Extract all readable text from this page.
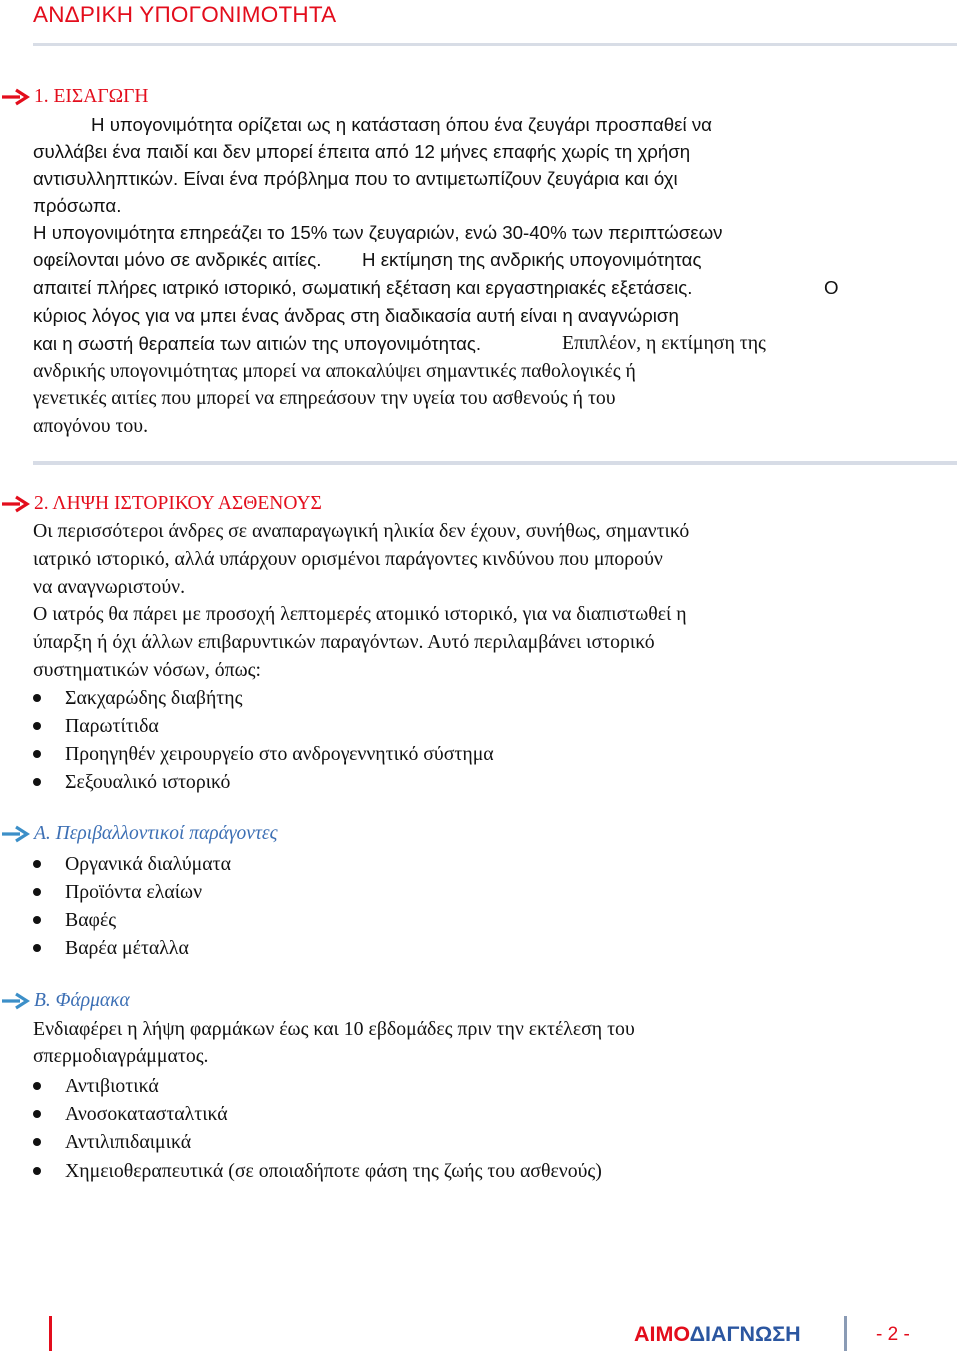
ΑΝΔΡΙΚΗ ΥΠΟΓΟΝΙΜΟΤΗΤΑ
1. ΕΙΣΑΓΩΓΗ

Η υπογονιμότητα ορίζεται ως η κατάσταση όπου ένα ζευγάρι προσπαθεί να

συλλάβει ένα παιδί και δεν μπορεί έπειτα από 12 μήνες επαφής χωρίς τη χρήση

αντισυλληπτικών. Είναι ένα πρόβλημα που το αντιμετωπίζουν ζευγάρια και όχι

πρόσωπα.

Η υπογονιμότητα επηρεάζει το 15% των ζευγαριών, ενώ 30-40% των περιπτώσεων

οφείλονται μόνο σε ανδρικές αιτίες. Η εκτίμηση της ανδρικής υπογονιμότητας

απαιτεί πλήρες ιατρικό ιστορικό, σωματική εξέταση και εργαστηριακές εξετάσεις.	Ο

κύριος λόγος για να μπει ένας άνδρας στη διαδικασία αυτή είναι η αναγνώριση

και η σωστή θεραπεία των αιτιών της υπογονιμότητας.	Επιπλέον, η εκτίμηση της

ανδρικής υπογονιμότητας μπορεί να αποκαλύψει σημαντικές παθολογικές ή

γενετικές αιτίες που μπορεί να επηρεάσουν την υγεία του ασθενούς ή του

απογόνου του.

2. ΛΗΨΗ ΙΣΤΟΡΙΚΟΥ ΑΣΘΕΝΟΥΣ

Οι περισσότεροι άνδρες σε αναπαραγωγική ηλικία δεν έχουν, συνήθως, σημαντικό

ιατρικό ιστορικό, αλλά υπάρχουν ορισμένοι παράγοντες κινδύνου που μπορούν

να αναγνωριστούν.

Ο ιατρός θα πάρει με προσοχή λεπτομερές ατομικό ιστορικό, για να διαπιστωθεί η

ύπαρξη ή όχι άλλων επιβαρυντικών παραγόντων. Αυτό περιλαμβάνει ιστορικό

συστηματικών νόσων, όπως:

Σακχαρώδης διαβήτης
Παρωτίτιδα
Προηγηθέν χειρουργείο στο ανδρογεννητικό σύστημα
Σεξουαλικό ιστορικό
Α. Περιβαλλοντικοί παράγοντες
Οργανικά διαλύματα
Προϊόντα ελαίων
Βαφές
Βαρέα μέταλλα
Β. Φάρμακα

Ενδιαφέρει η λήψη φαρμάκων έως και 10 εβδομάδες πριν την εκτέλεση του

σπερμοδιαγράμματος.

Αντιβιοτικά
Ανοσοκατασταλτικά
Αντιλιπιδαιμικά
Χημειοθεραπευτικά (σε οποιαδήποτε φάση της ζωής του ασθενούς)
ΑΙΜΟΔΙΑΓΝΩΣΗ	- 2 -
